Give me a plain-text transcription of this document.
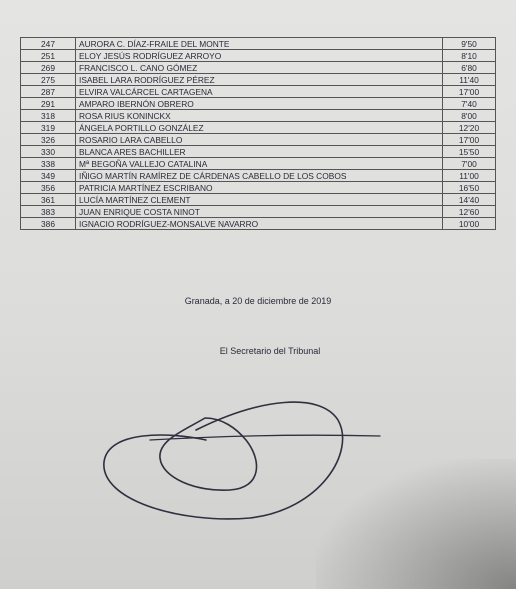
247	AURORA C. DÍAZ-FRAILE DEL MONTE	9'50
251	ELOY JESÚS RODRÍGUEZ ARROYO	8'10
269	FRANCISCO L. CANO GÓMEZ	6'80
275	ISABEL LARA RODRÍGUEZ PÉREZ	11'40
287	ELVIRA VALCÁRCEL CARTAGENA	17'00
291	AMPARO IBERNÓN OBRERO	7'40
318	ROSA RIUS KONINCKX	8'00
319	ÁNGELA PORTILLO GONZÁLEZ	12'20
326	ROSARIO LARA CABELLO	17'00
330	BLANCA ARES BACHILLER	15'50
338	Mª BEGOÑA VALLEJO CATALINA	7'00
349	IÑIGO MARTÍN RAMÍREZ DE CÁRDENAS CABELLO DE LOS COBOS	11'00
356	PATRICIA MARTÍNEZ ESCRIBANO	16'50
361	LUCÍA MARTÍNEZ CLEMENT	14'40
383	JUAN ENRIQUE COSTA NINOT	12'60
386	IGNACIO RODRÍGUEZ-MONSALVE NAVARRO	10'00
Granada, a 20 de diciembre de 2019
El Secretario del Tribunal
